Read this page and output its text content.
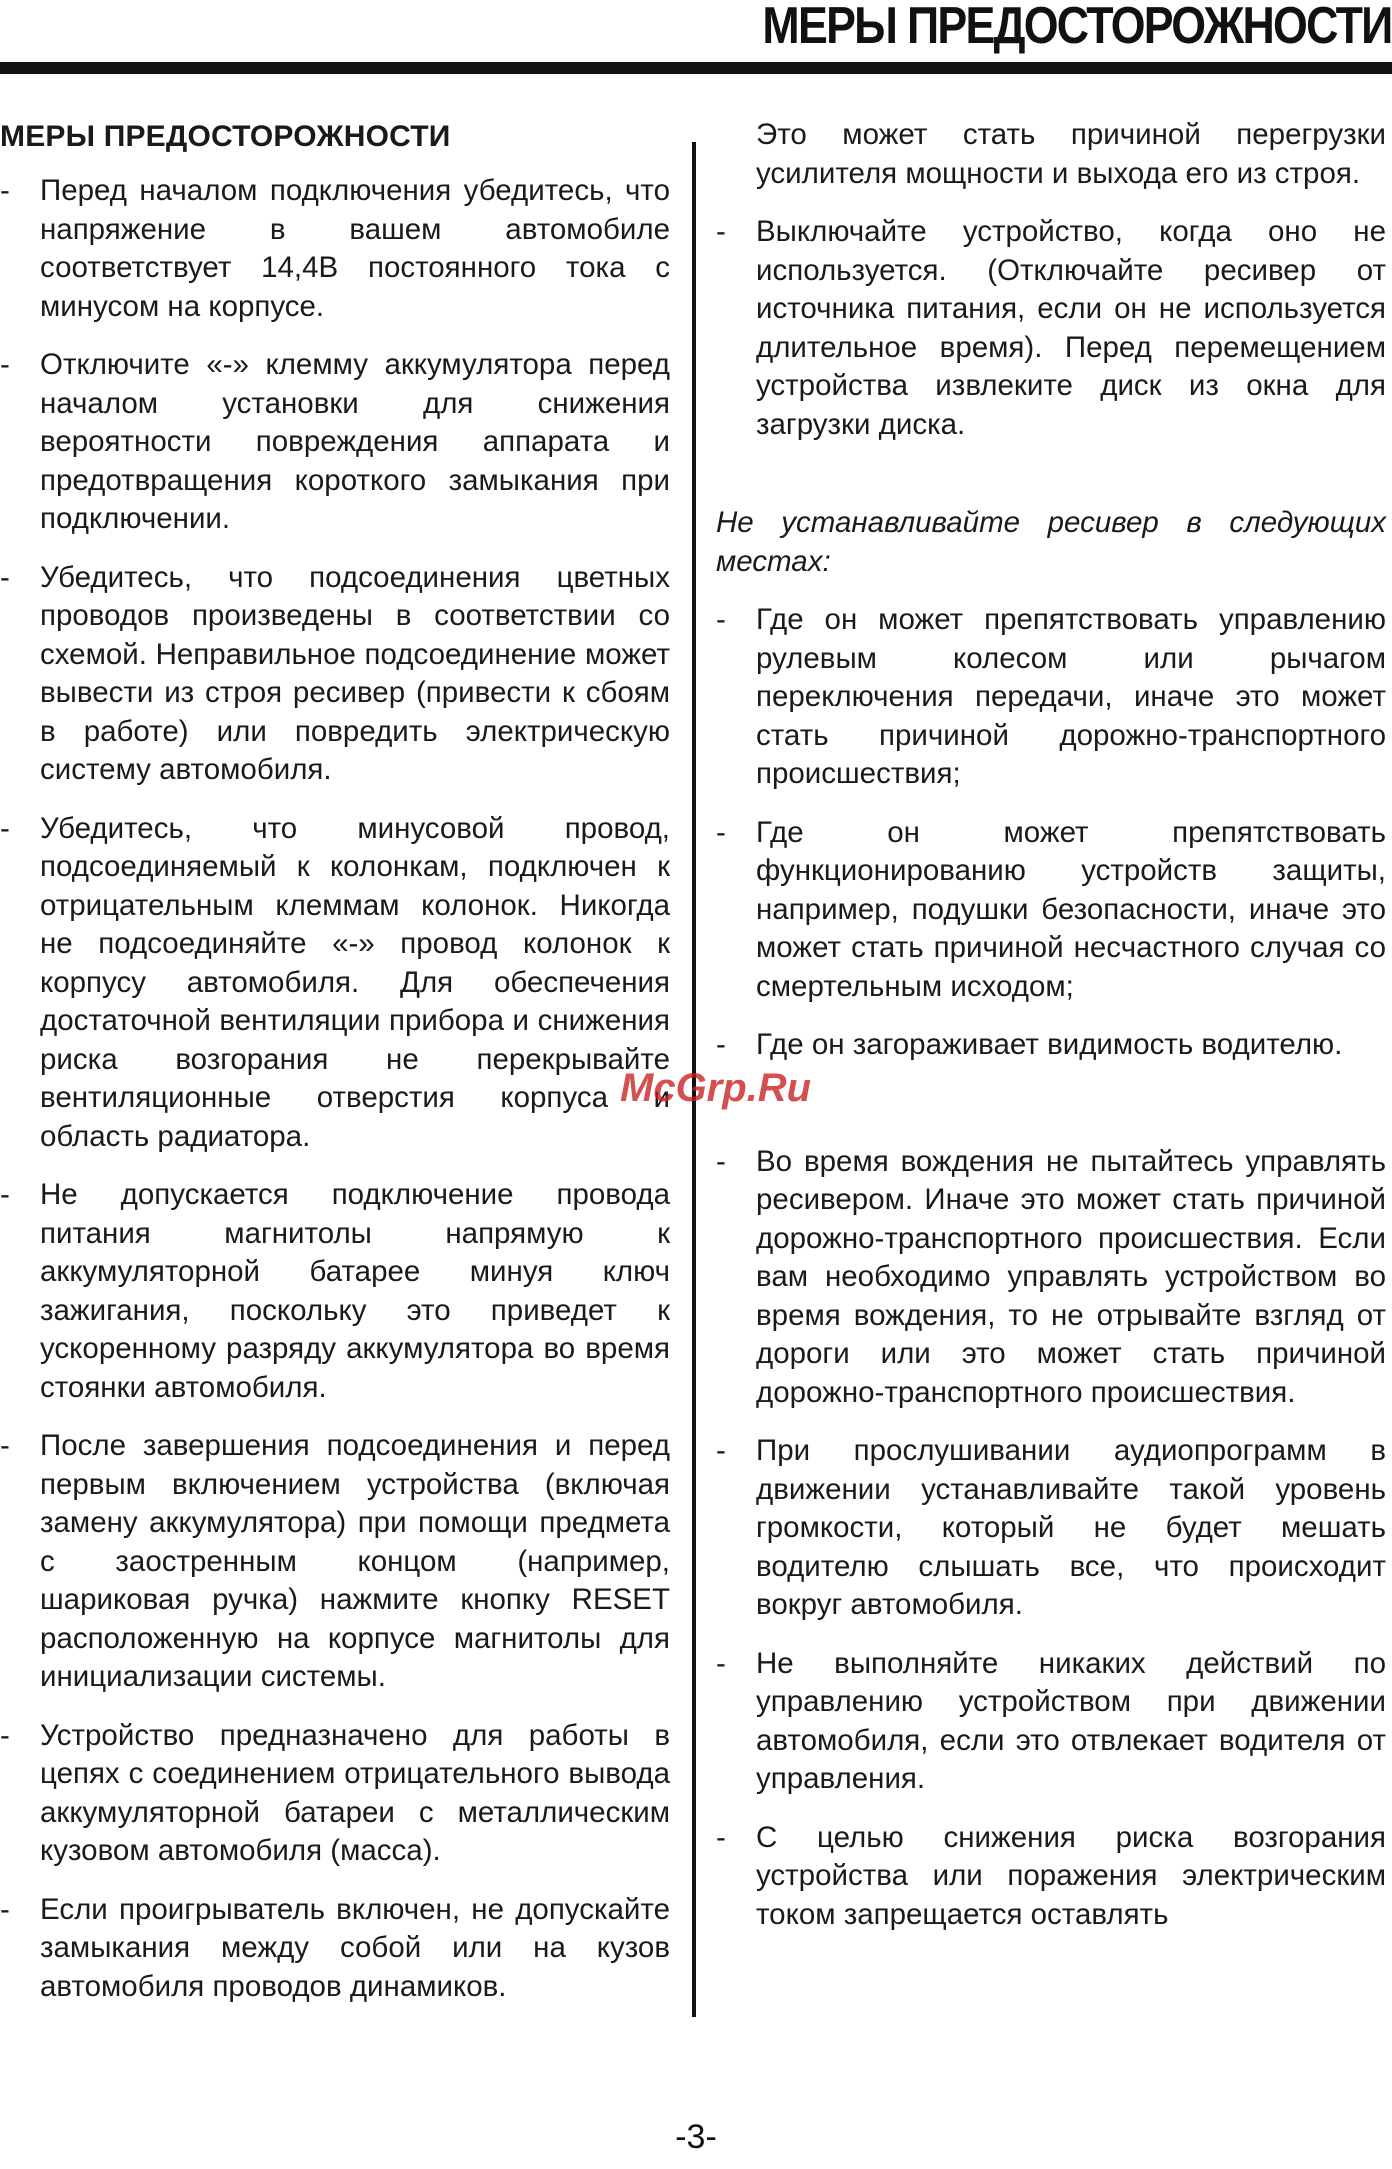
МЕРЫ ПРЕДОСТОРОЖНОСТИ
МЕРЫ ПРЕДОСТОРОЖНОСТИ
- Перед началом подключения убедитесь, что напряжение в вашем автомобиле соответствует 14,4В постоянного тока с минусом на корпусе.
- Отключите «-» клемму аккумулятора перед началом установки для снижения вероятности повреждения аппарата и предотвращения короткого замыкания при подключении.
- Убедитесь, что подсоединения цветных проводов произведены в соответствии со схемой. Неправильное подсоединение может вывести из строя ресивер (привести к сбоям в работе) или повредить электрическую систему автомобиля.
- Убедитесь, что минусовой провод, подсоединяемый к колонкам, подключен к отрицательным клеммам колонок. Никогда не подсоединяйте «-» провод колонок к корпусу автомобиля. Для обеспечения достаточной вентиляции прибора и снижения риска возгорания не перекрывайте вентиляционные отверстия корпуса и область радиатора.
- Не допускается подключение провода питания магнитолы напрямую к аккумуляторной батарее минуя ключ зажигания, поскольку это приведет к ускоренному разряду аккумулятора во время стоянки автомобиля.
- После завершения подсоединения и перед первым включением устройства (включая замену аккумулятора) при помощи предмета с заостренным концом (например, шариковая ручка) нажмите кнопку RESET расположенную на корпусе магнитолы для инициализации системы.
- Устройство предназначено для работы в цепях с соединением отрицательного вывода аккумуляторной батареи с металлическим кузовом автомобиля (масса).
- Если проигрыватель включен, не допускайте замыкания между собой или на кузов автомобиля проводов динамиков.
Это может стать причиной перегрузки усилителя мощности и выхода его из строя.
- Выключайте устройство, когда оно не используется. (Отключайте ресивер от источника питания, если он не используется длительное время). Перед перемещением устройства извлеките диск из окна для загрузки диска.
Не устанавливайте ресивер в следующих местах:
- Где он может препятствовать управлению рулевым колесом или рычагом переключения передачи, иначе это может стать причиной дорожно-транспортного происшествия;
- Где он может препятствовать функционированию устройств защиты, например, подушки безопасности, иначе это может стать причиной несчастного случая со смертельным исходом;
- Где он загораживает видимость водителю.
- Во время вождения не пытайтесь управлять ресивером. Иначе это может стать причиной дорожно-транспортного происшествия. Если вам необходимо управлять устройством во время вождения, то не отрывайте взгляд от дороги или это может стать причиной дорожно-транспортного происшествия.
- При прослушивании аудиопрограмм в движении устанавливайте такой уровень громкости, который не будет мешать водителю слышать все, что происходит вокруг автомобиля.
- Не выполняйте никаких действий по управлению устройством при движении автомобиля, если это отвлекает водителя от управления.
- С целью снижения риска возгорания устройства или поражения электрическим током запрещается оставлять
McGrp.Ru
-3-
